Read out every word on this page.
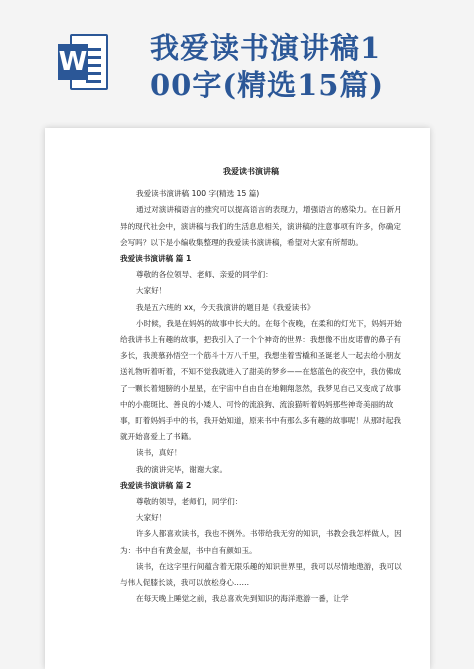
W 我爱读书演讲稿1
00字(精选15篇)
我爱读书演讲稿

我爱读书演讲稿 100 字(精选 15 篇)

通过对演讲稿语言的推究可以提高语言的表现力，增强语言的感染力。在日新月异的现代社会中，演讲稿与我们的生活息息相关，演讲稿的注意事项有许多，你确定会写吗？以下是小编收集整理的我爱读书演讲稿，希望对大家有所帮助。

我爱读书演讲稿 篇 1

尊敬的各位领导、老师、亲爱的同学们：

大家好！

我是五六班的 xx，今天我演讲的题目是《我爱读书》

小时候，我是在妈妈的故事中长大的。在每个夜晚，在柔和的灯光下，妈妈开始给我讲书上有趣的故事，把我引入了一个个神奇的世界：我想像不出皮诺曹的鼻子有多长，我羡慕孙悟空一个筋斗十万八千里，我想坐着雪橇和圣诞老人一起去给小朋友送礼物听着听着，不知不觉我就进入了甜美的梦乡——在悠蓝色的夜空中，我仿佛成了一颗长着翅膀的小星星，在宇宙中自由自在地翱翔忽然，我梦见自己又变成了故事中的小鹿斑比、善良的小矮人、可怜的流浪狗、流浪猫听着妈妈那些神奇美丽的故事，盯着妈妈手中的书，我开始知道，原来书中有那么多有趣的故事呢！从那时起我就开始喜爱上了书籍。

读书，真好！

我的演讲完毕，谢谢大家。

我爱读书演讲稿 篇 2

尊敬的领导，老师们，同学们：

大家好！

许多人都喜欢读书，我也不例外。书带给我无穷的知识，书教会我怎样做人，因为：书中自有黄金屋，书中自有颜如玉。

读书，在这字里行间蕴含着无限乐趣的知识世界里，我可以尽情地遨游，我可以与伟人促膝长谈，我可以放松身心……

在每天晚上睡觉之前，我总喜欢先到知识的海洋遨游一番，让学
